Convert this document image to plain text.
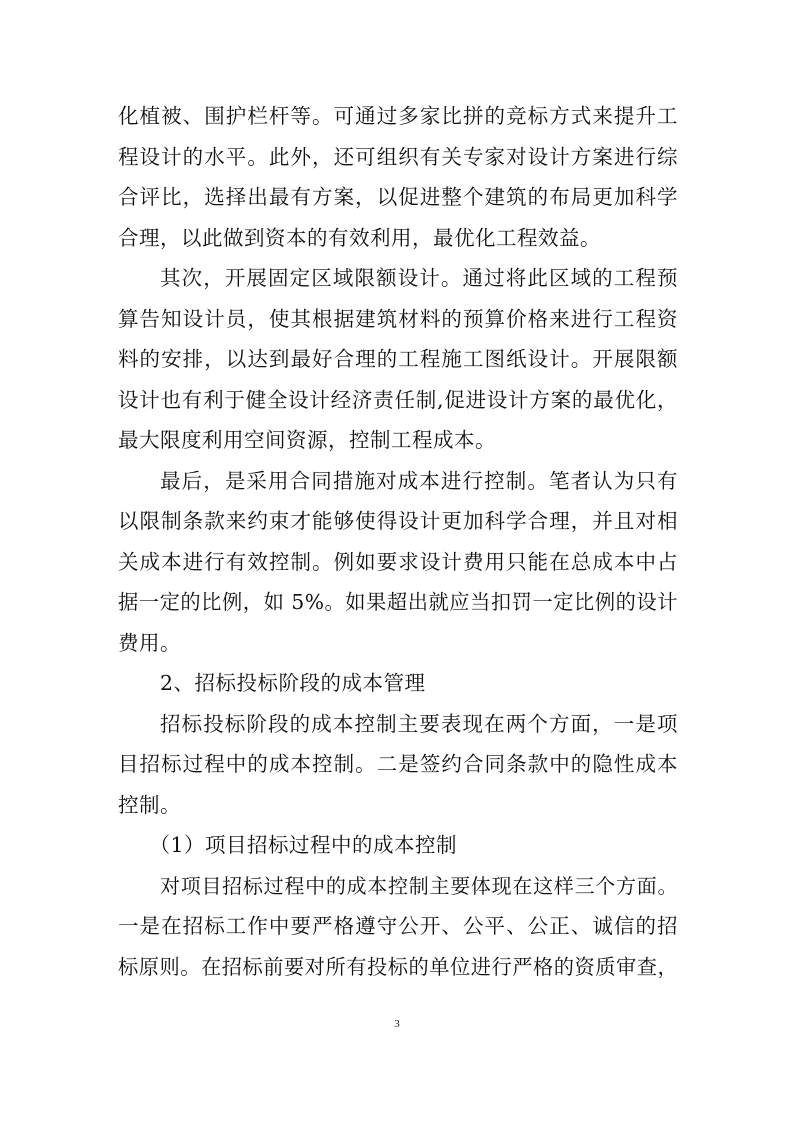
化植被、围护栏杆等。可通过多家比拼的竞标方式来提升工
程设计的水平。此外，还可组织有关专家对设计方案进行综
合评比，选择出最有方案，以促进整个建筑的布局更加科学
合理，以此做到资本的有效利用，最优化工程效益。
其次，开展固定区域限额设计。通过将此区域的工程预
算告知设计员，使其根据建筑材料的预算价格来进行工程资
料的安排，以达到最好合理的工程施工图纸设计。开展限额
设计也有利于健全设计经济责任制,促进设计方案的最优化，
最大限度利用空间资源，控制工程成本。
最后，是采用合同措施对成本进行控制。笔者认为只有
以限制条款来约束才能够使得设计更加科学合理，并且对相
关成本进行有效控制。例如要求设计费用只能在总成本中占
据一定的比例，如 5%。如果超出就应当扣罚一定比例的设计
费用。
2、招标投标阶段的成本管理
招标投标阶段的成本控制主要表现在两个方面，一是项
目招标过程中的成本控制。二是签约合同条款中的隐性成本
控制。
（1）项目招标过程中的成本控制
对项目招标过程中的成本控制主要体现在这样三个方面。
一是在招标工作中要严格遵守公开、公平、公正、诚信的招
标原则。在招标前要对所有投标的单位进行严格的资质审查，
3
